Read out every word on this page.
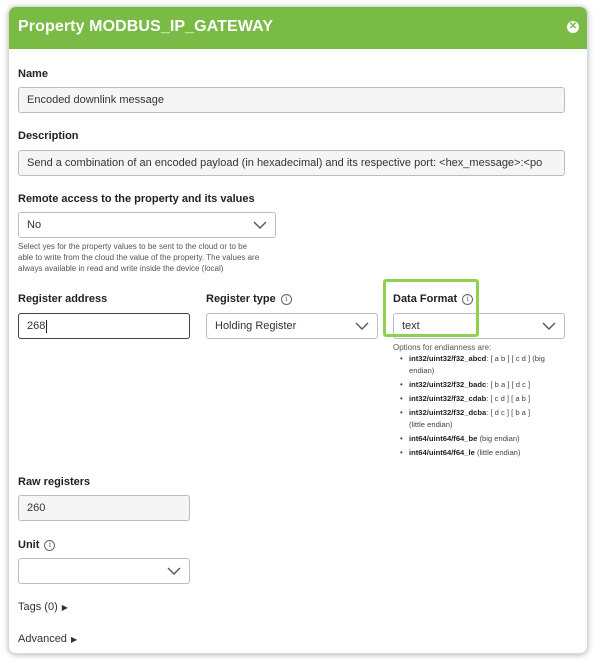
Property MODBUS_IP_GATEWAY	✕
Name
Encoded downlink message
Description
Send a combination of an encoded payload (in hexadecimal) and its respective port: <hex_message>:<po
Remote access to the property and its values
No
Select yes for the property values to be sent to the cloud or to be
able to write from the cloud the value of the property. The values are
always available in read and write inside the device (local)
Register address
268
Register type i
Holding Register
Data Format i
text
Options for endianness are:
• int32/uint32/f32_abcd: [ a b ] [ c d ] (big
endian)
• int32/uint32/f32_badc: [ b a ] [ d c ]
• int32/uint32/f32_cdab: [ c d ] [ a b ]
• int32/uint32/f32_dcba: [ d c ] [ b a ]
(little endian)
• int64/uint64/f64_be (big endian)
• int64/uint64/f64_le (little endian)
Raw registers
260
Unit i
Tags (0) ▶
Advanced ▶
